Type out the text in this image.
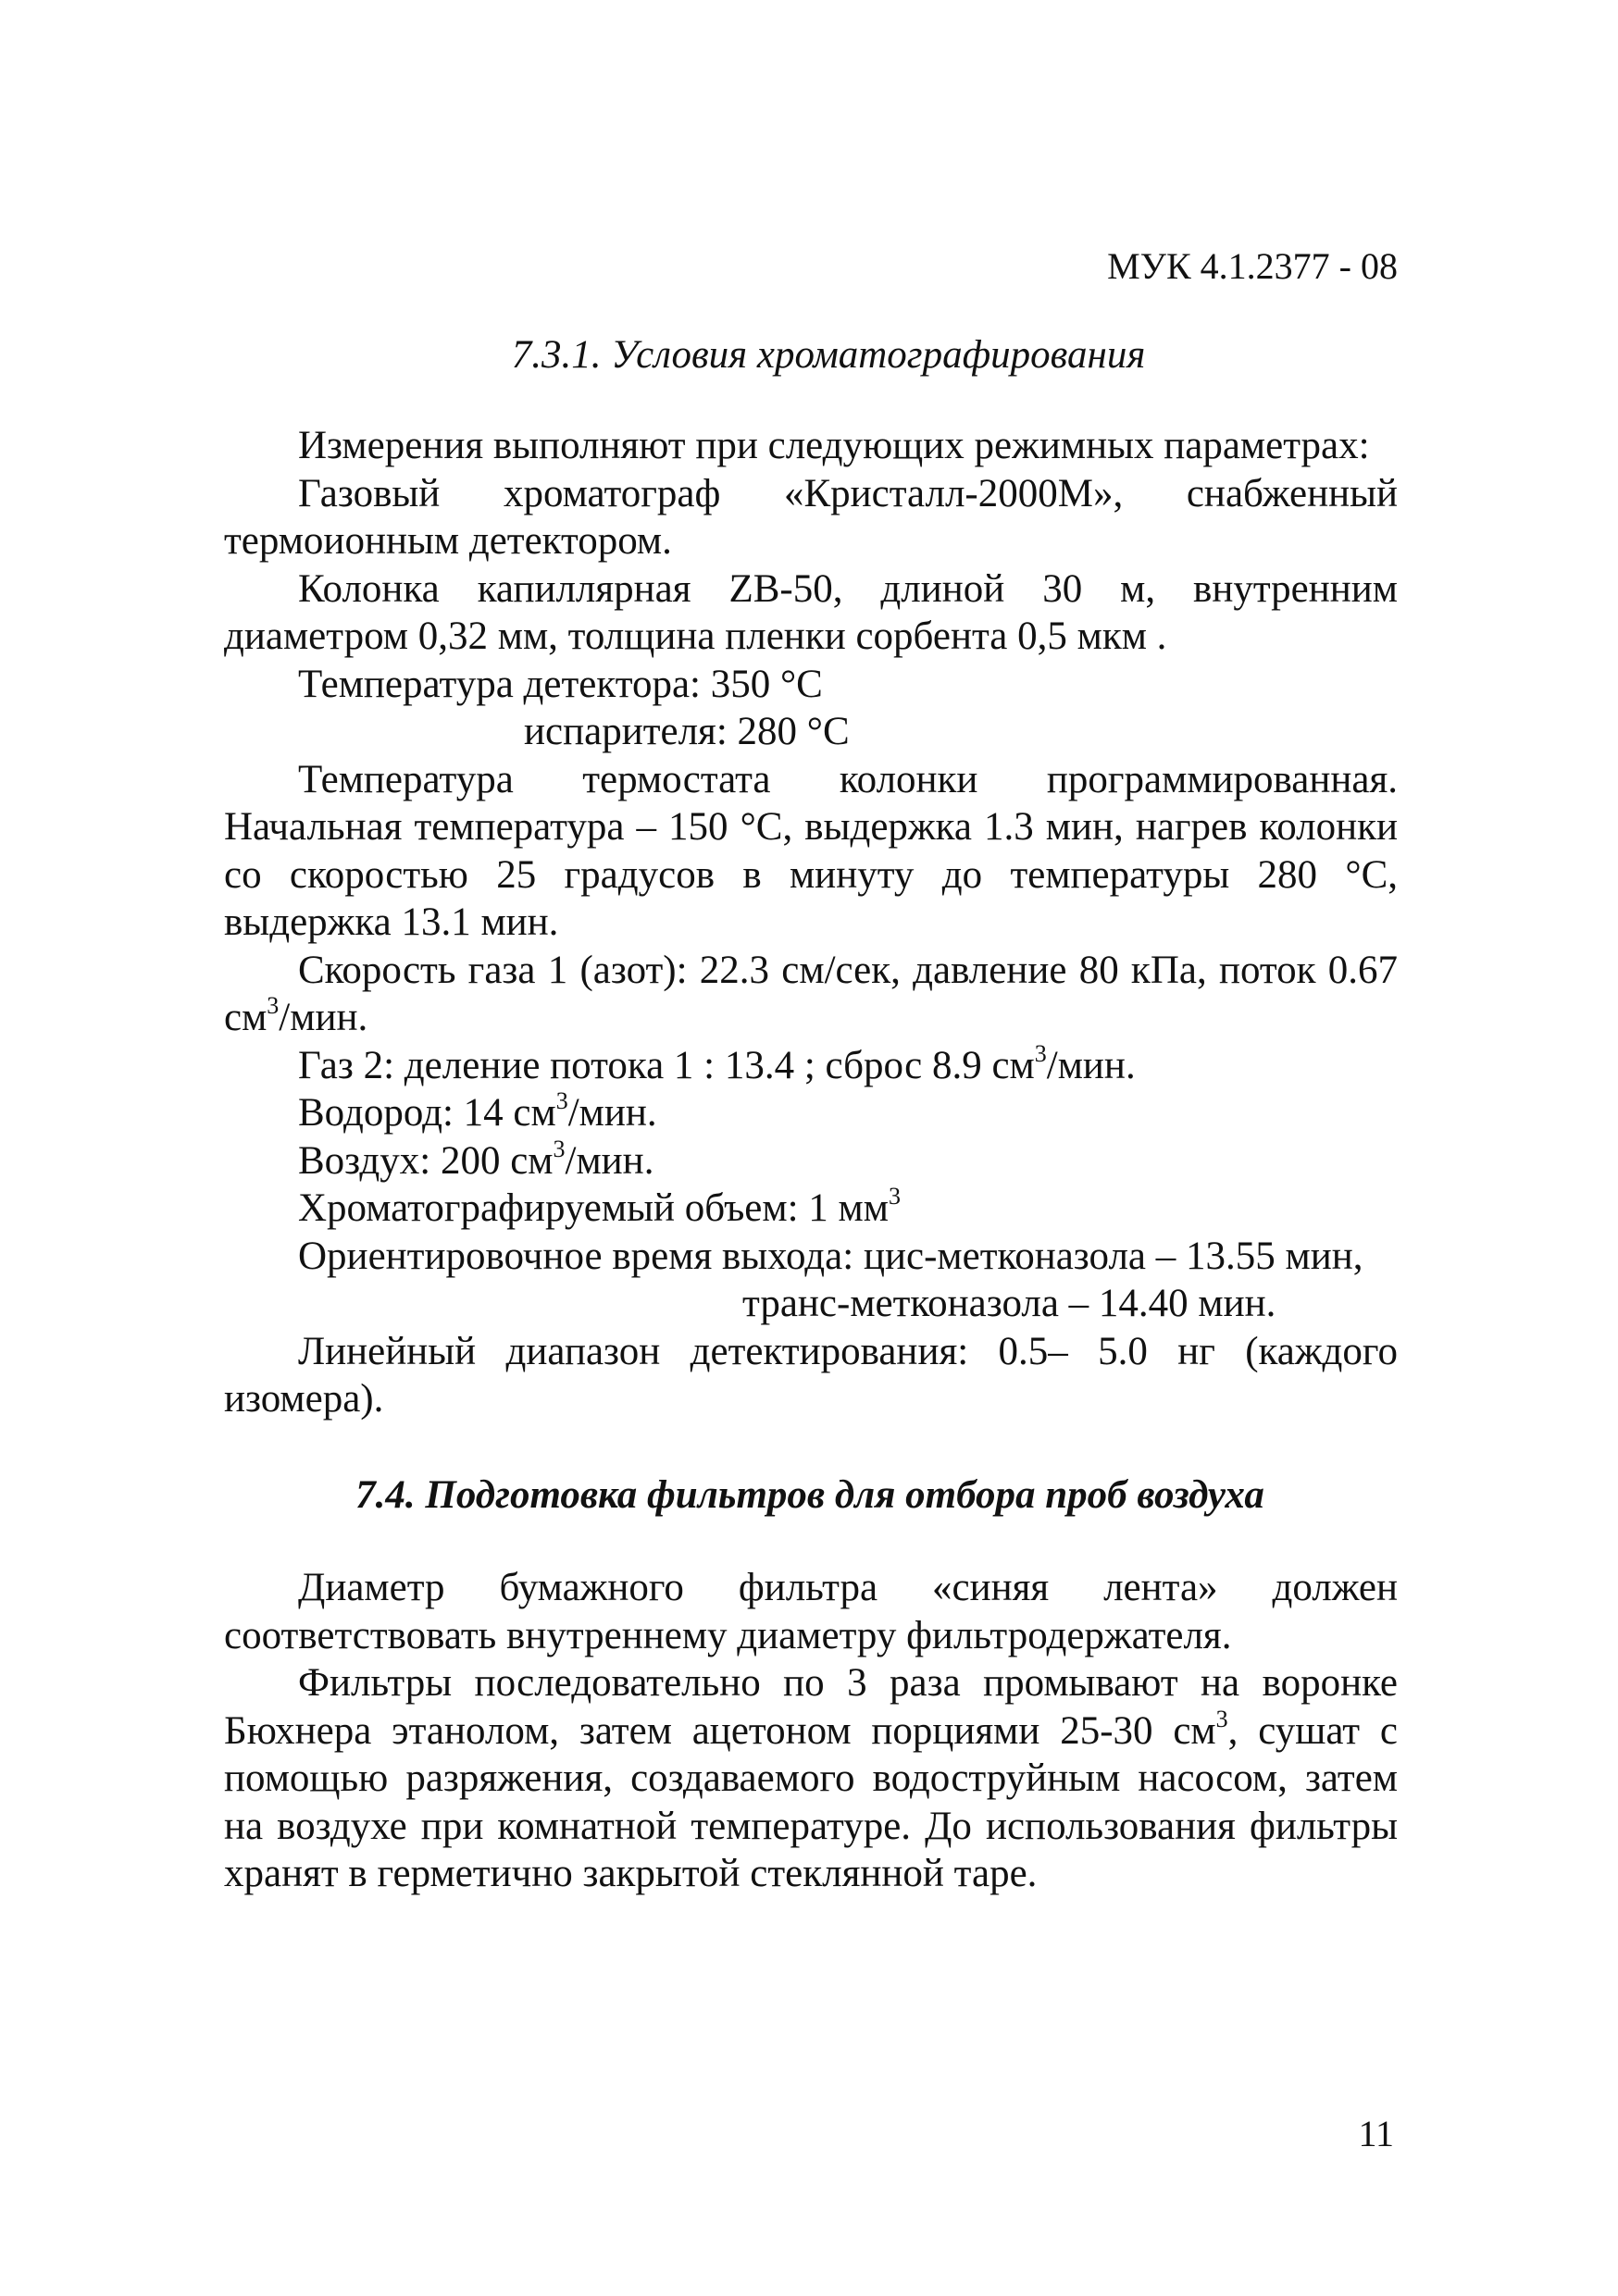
МУК 4.1.2377 - 08
7.3.1. Условия хроматографирования

Измерения выполняют при следующих режимных параметрах:

Газовый хроматограф «Кристалл-2000М», снабженный термоионным детектором.

Колонка капиллярная ZB-50, длиной 30 м, внутренним диаметром 0,32 мм, толщина пленки сорбента 0,5 мкм .

Температура детектора: 350 °С

испарителя: 280 °С

Температура термостата колонки программированная. Начальная температура – 150 °С, выдержка 1.3 мин, нагрев колонки со скоростью 25 градусов в минуту до температуры 280 °С, выдержка 13.1 мин.

Скорость газа 1 (азот): 22.3 см/сек, давление 80 кПа, поток 0.67 $см^3$/мин.

Газ 2: деление потока 1 : 13.4 ; сброс 8.9 $см^3$/мин.

Водород: 14 $см^3$/мин.

Воздух: 200 $см^3$/мин.

Хроматографируемый объем: 1 $мм^3$

Ориентировочное время выхода: цис-метконазола – 13.55 мин,

транс-метконазола – 14.40 мин.

Линейный диапазон детектирования: 0.5– 5.0 нг (каждого изомера).

7.4. Подготовка фильтров для отбора проб воздуха

Диаметр бумажного фильтра «синяя лента» должен соответствовать внутреннему диаметру фильтродержателя.

Фильтры последовательно по 3 раза промывают на воронке Бюхнера этанолом, затем ацетоном порциями 25-30 $см^3$, сушат с помощью разряжения, создаваемого водоструйным насосом, затем на воздухе при комнатной температуре. До использования фильтры хранят в герметично закрытой стеклянной таре.

11
